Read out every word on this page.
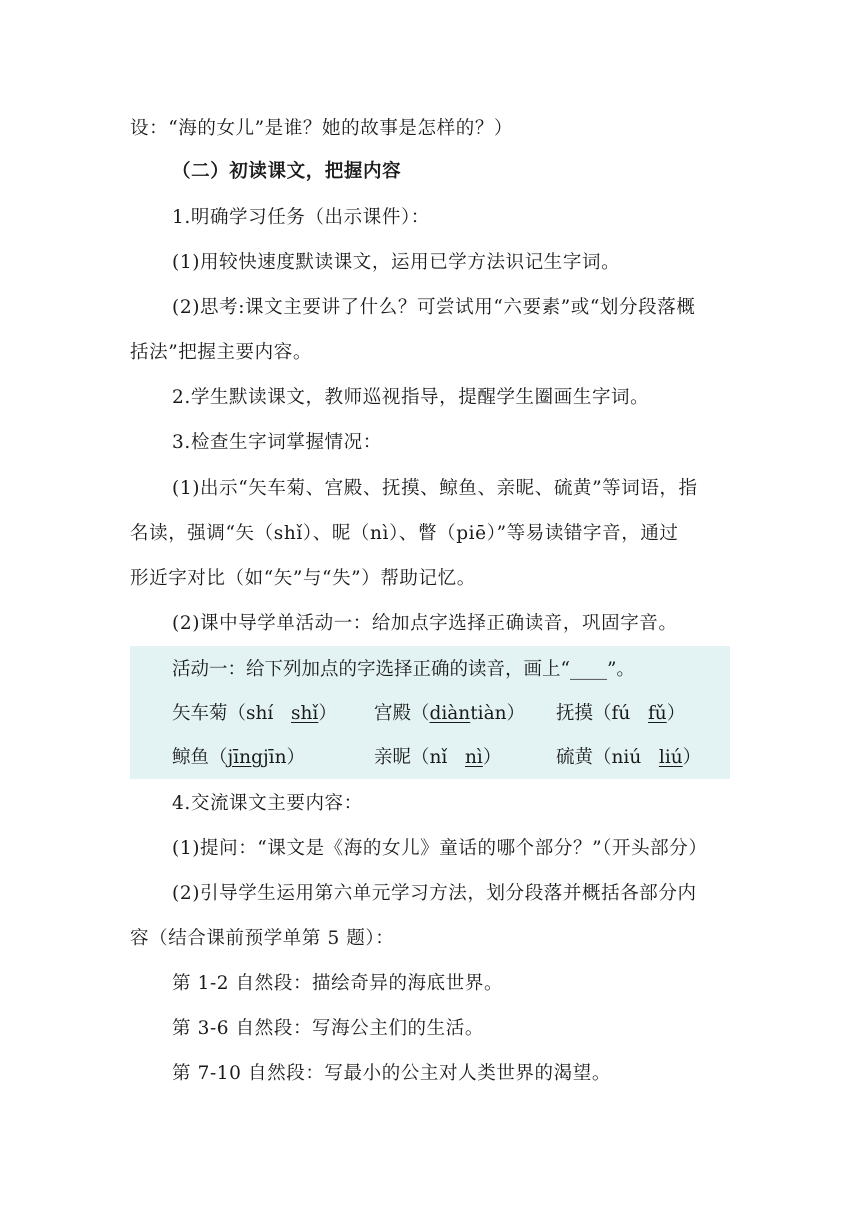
设：“海的女儿”是谁？她的故事是怎样的？）
（二）初读课文，把握内容
1.明确学习任务（出示课件）：
(1)用较快速度默读课文，运用已学方法识记生字词。
(2)思考:课文主要讲了什么？可尝试用“六要素”或“划分段落概
括法”把握主要内容。
2.学生默读课文，教师巡视指导，提醒学生圈画生字词。
3.检查生字词掌握情况：
(1)出示“矢车菊、宫殿、抚摸、鲸鱼、亲昵、硫黄”等词语，指
名读，强调“矢（shǐ）、昵（nì）、瞥（piē）”等易读错字音，通过
形近字对比（如“矢”与“失”）帮助记忆。
(2)课中导学单活动一：给加点字选择正确读音，巩固字音。
活动一：给下列加点的字选择正确的读音，画上“____”。
矢车菊（shí shǐ） 宫殿（diàntiàn） 抚摸（fú fǔ）
鲸鱼（jīngjīn）	亲昵（nǐ nì）	硫黄（niú liú）
4.交流课文主要内容：
(1)提问：“课文是《海的女儿》童话的哪个部分？”（开头部分）
(2)引导学生运用第六单元学习方法，划分段落并概括各部分内
容（结合课前预学单第 5 题）：
第 1-2 自然段：描绘奇异的海底世界。
第 3-6 自然段：写海公主们的生活。
第 7-10 自然段：写最小的公主对人类世界的渴望。
